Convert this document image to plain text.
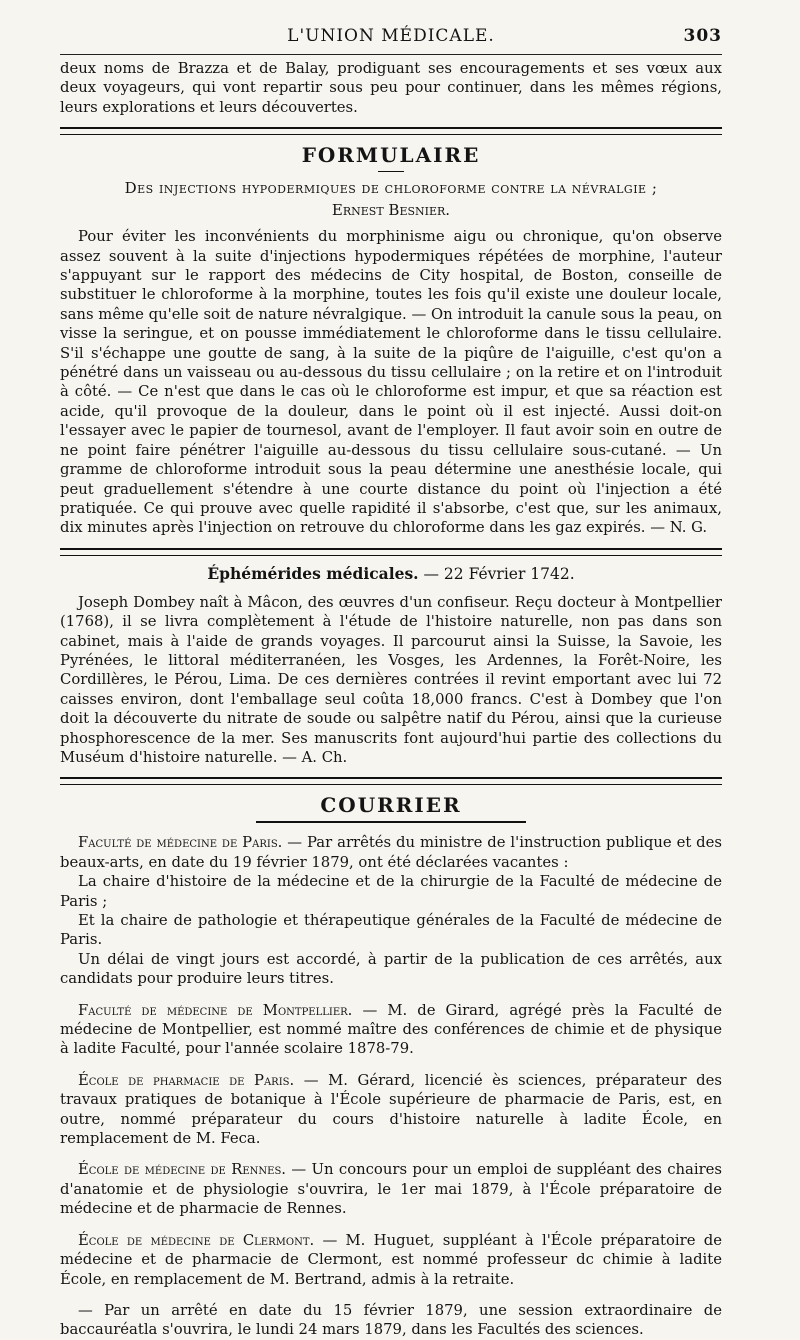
L'UNION MÉDICALE.	303

deux noms de Brazza et de Balay, prodiguant ses encouragements et ses vœux aux deux voyageurs, qui vont repartir sous peu pour continuer, dans les mêmes régions, leurs explorations et leurs découvertes.

FORMULAIRE
Des injections hypodermiques de chloroforme contre la névralgie ;
Ernest Besnier.

Pour éviter les inconvénients du morphinisme aigu ou chronique, qu'on observe assez souvent à la suite d'injections hypodermiques répétées de morphine, l'auteur s'appuyant sur le rapport des médecins de City hospital, de Boston, conseille de substituer le chloroforme à la morphine, toutes les fois qu'il existe une douleur locale, sans même qu'elle soit de nature névralgique. — On introduit la canule sous la peau, on visse la seringue, et on pousse immédiatement le chloroforme dans le tissu cellulaire. S'il s'échappe une goutte de sang, à la suite de la piqûre de l'aiguille, c'est qu'on a pénétré dans un vaisseau ou au-dessous du tissu cellulaire ; on la retire et on l'introduit à côté. — Ce n'est que dans le cas où le chloroforme est impur, et que sa réaction est acide, qu'il provoque de la douleur, dans le point où il est injecté. Aussi doit-on l'essayer avec le papier de tournesol, avant de l'employer. Il faut avoir soin en outre de ne point faire pénétrer l'aiguille au-dessous du tissu cellulaire sous-cutané. — Un gramme de chloroforme introduit sous la peau détermine une anesthésie locale, qui peut graduellement s'étendre à une courte distance du point où l'injection a été pratiquée. Ce qui prouve avec quelle rapidité il s'absorbe, c'est que, sur les animaux, dix minutes après l'injection on retrouve du chloroforme dans les gaz expirés. — N. G.

Éphémérides médicales. — 22 Février 1742.

Joseph Dombey naît à Mâcon, des œuvres d'un confiseur. Reçu docteur à Montpellier (1768), il se livra complètement à l'étude de l'histoire naturelle, non pas dans son cabinet, mais à l'aide de grands voyages. Il parcourut ainsi la Suisse, la Savoie, les Pyrénées, le littoral méditerranéen, les Vosges, les Ardennes, la Forêt-Noire, les Cordillères, le Pérou, Lima. De ces dernières contrées il revint emportant avec lui 72 caisses environ, dont l'emballage seul coûta 18,000 francs. C'est à Dombey que l'on doit la découverte du nitrate de soude ou salpêtre natif du Pérou, ainsi que la curieuse phosphorescence de la mer. Ses manuscrits font aujourd'hui partie des collections du Muséum d'histoire naturelle. — A. Ch.

COURRIER

Faculté de médecine de Paris. — Par arrêtés du ministre de l'instruction publique et des beaux-arts, en date du 19 février 1879, ont été déclarées vacantes :

La chaire d'histoire de la médecine et de la chirurgie de la Faculté de médecine de Paris ;

Et la chaire de pathologie et thérapeutique générales de la Faculté de médecine de Paris.

Un délai de vingt jours est accordé, à partir de la publication de ces arrêtés, aux candidats pour produire leurs titres.

Faculté de médecine de Montpellier. — M. de Girard, agrégé près la Faculté de médecine de Montpellier, est nommé maître des conférences de chimie et de physique à ladite Faculté, pour l'année scolaire 1878-79.

École de pharmacie de Paris. — M. Gérard, licencié ès sciences, préparateur des travaux pratiques de botanique à l'École supérieure de pharmacie de Paris, est, en outre, nommé préparateur du cours d'histoire naturelle à ladite École, en remplacement de M. Feca.

École de médecine de Rennes. — Un concours pour un emploi de suppléant des chaires d'anatomie et de physiologie s'ouvrira, le 1er mai 1879, à l'École préparatoire de médecine et de pharmacie de Rennes.

École de médecine de Clermont. — M. Huguet, suppléant à l'École préparatoire de médecine et de pharmacie de Clermont, est nommé professeur dc chimie à ladite École, en remplacement de M. Bertrand, admis à la retraite.

— Par un arrêté en date du 15 février 1879, une session extraordinaire de baccauréatla s'ouvrira, le lundi 24 mars 1879, dans les Facultés des sciences.
